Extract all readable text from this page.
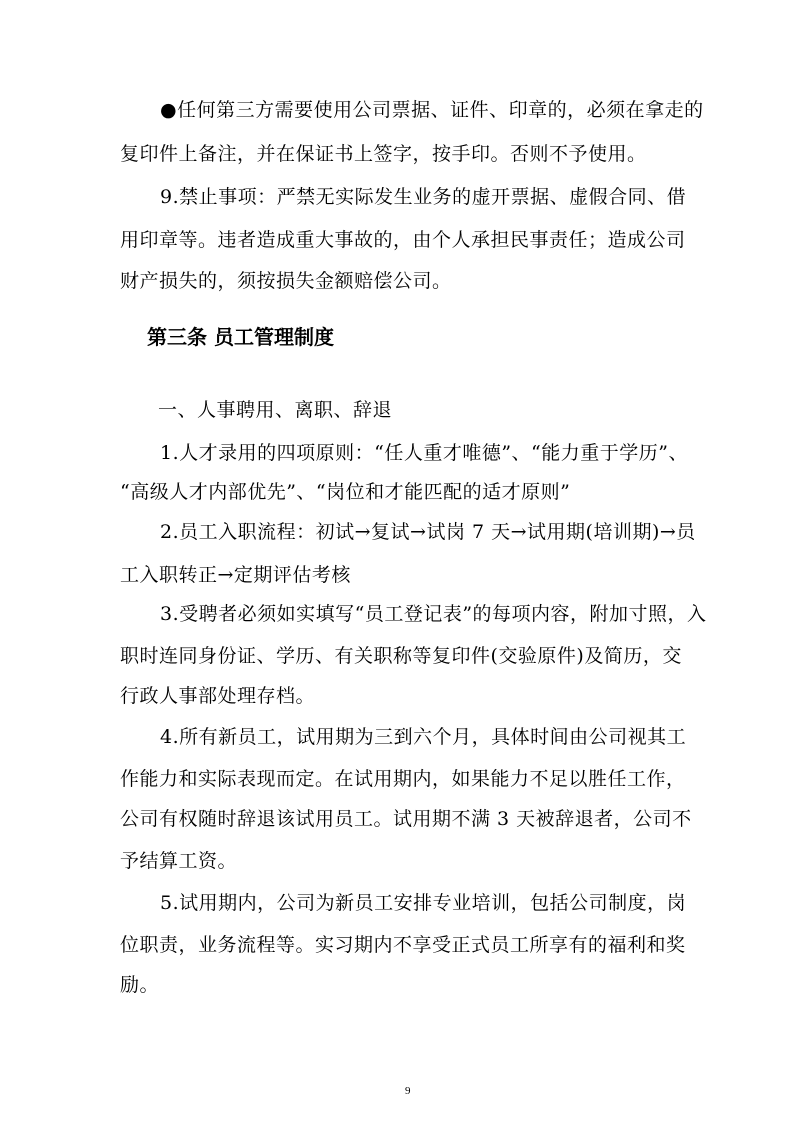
●任何第三方需要使用公司票据、证件、印章的，必须在拿走的
复印件上备注，并在保证书上签字，按手印。否则不予使用。
9.禁止事项：严禁无实际发生业务的虚开票据、虚假合同、借
用印章等。违者造成重大事故的，由个人承担民事责任；造成公司
财产损失的，须按损失金额赔偿公司。
第三条 员工管理制度
一、人事聘用、离职、辞退
1.人才录用的四项原则：“任人重才唯德”、“能力重于学历”、
“高级人才内部优先”、“岗位和才能匹配的适才原则”
2.员工入职流程：初试→复试→试岗 7 天→试用期(培训期)→员
工入职转正→定期评估考核
3.受聘者必须如实填写“员工登记表”的每项内容，附加寸照，入
职时连同身份证、学历、有关职称等复印件(交验原件)及简历，交
行政人事部处理存档。
4.所有新员工，试用期为三到六个月，具体时间由公司视其工
作能力和实际表现而定。在试用期内，如果能力不足以胜任工作，
公司有权随时辞退该试用员工。试用期不满 3 天被辞退者，公司不
予结算工资。
5.试用期内，公司为新员工安排专业培训，包括公司制度，岗
位职责，业务流程等。实习期内不享受正式员工所享有的福利和奖
励。
9
